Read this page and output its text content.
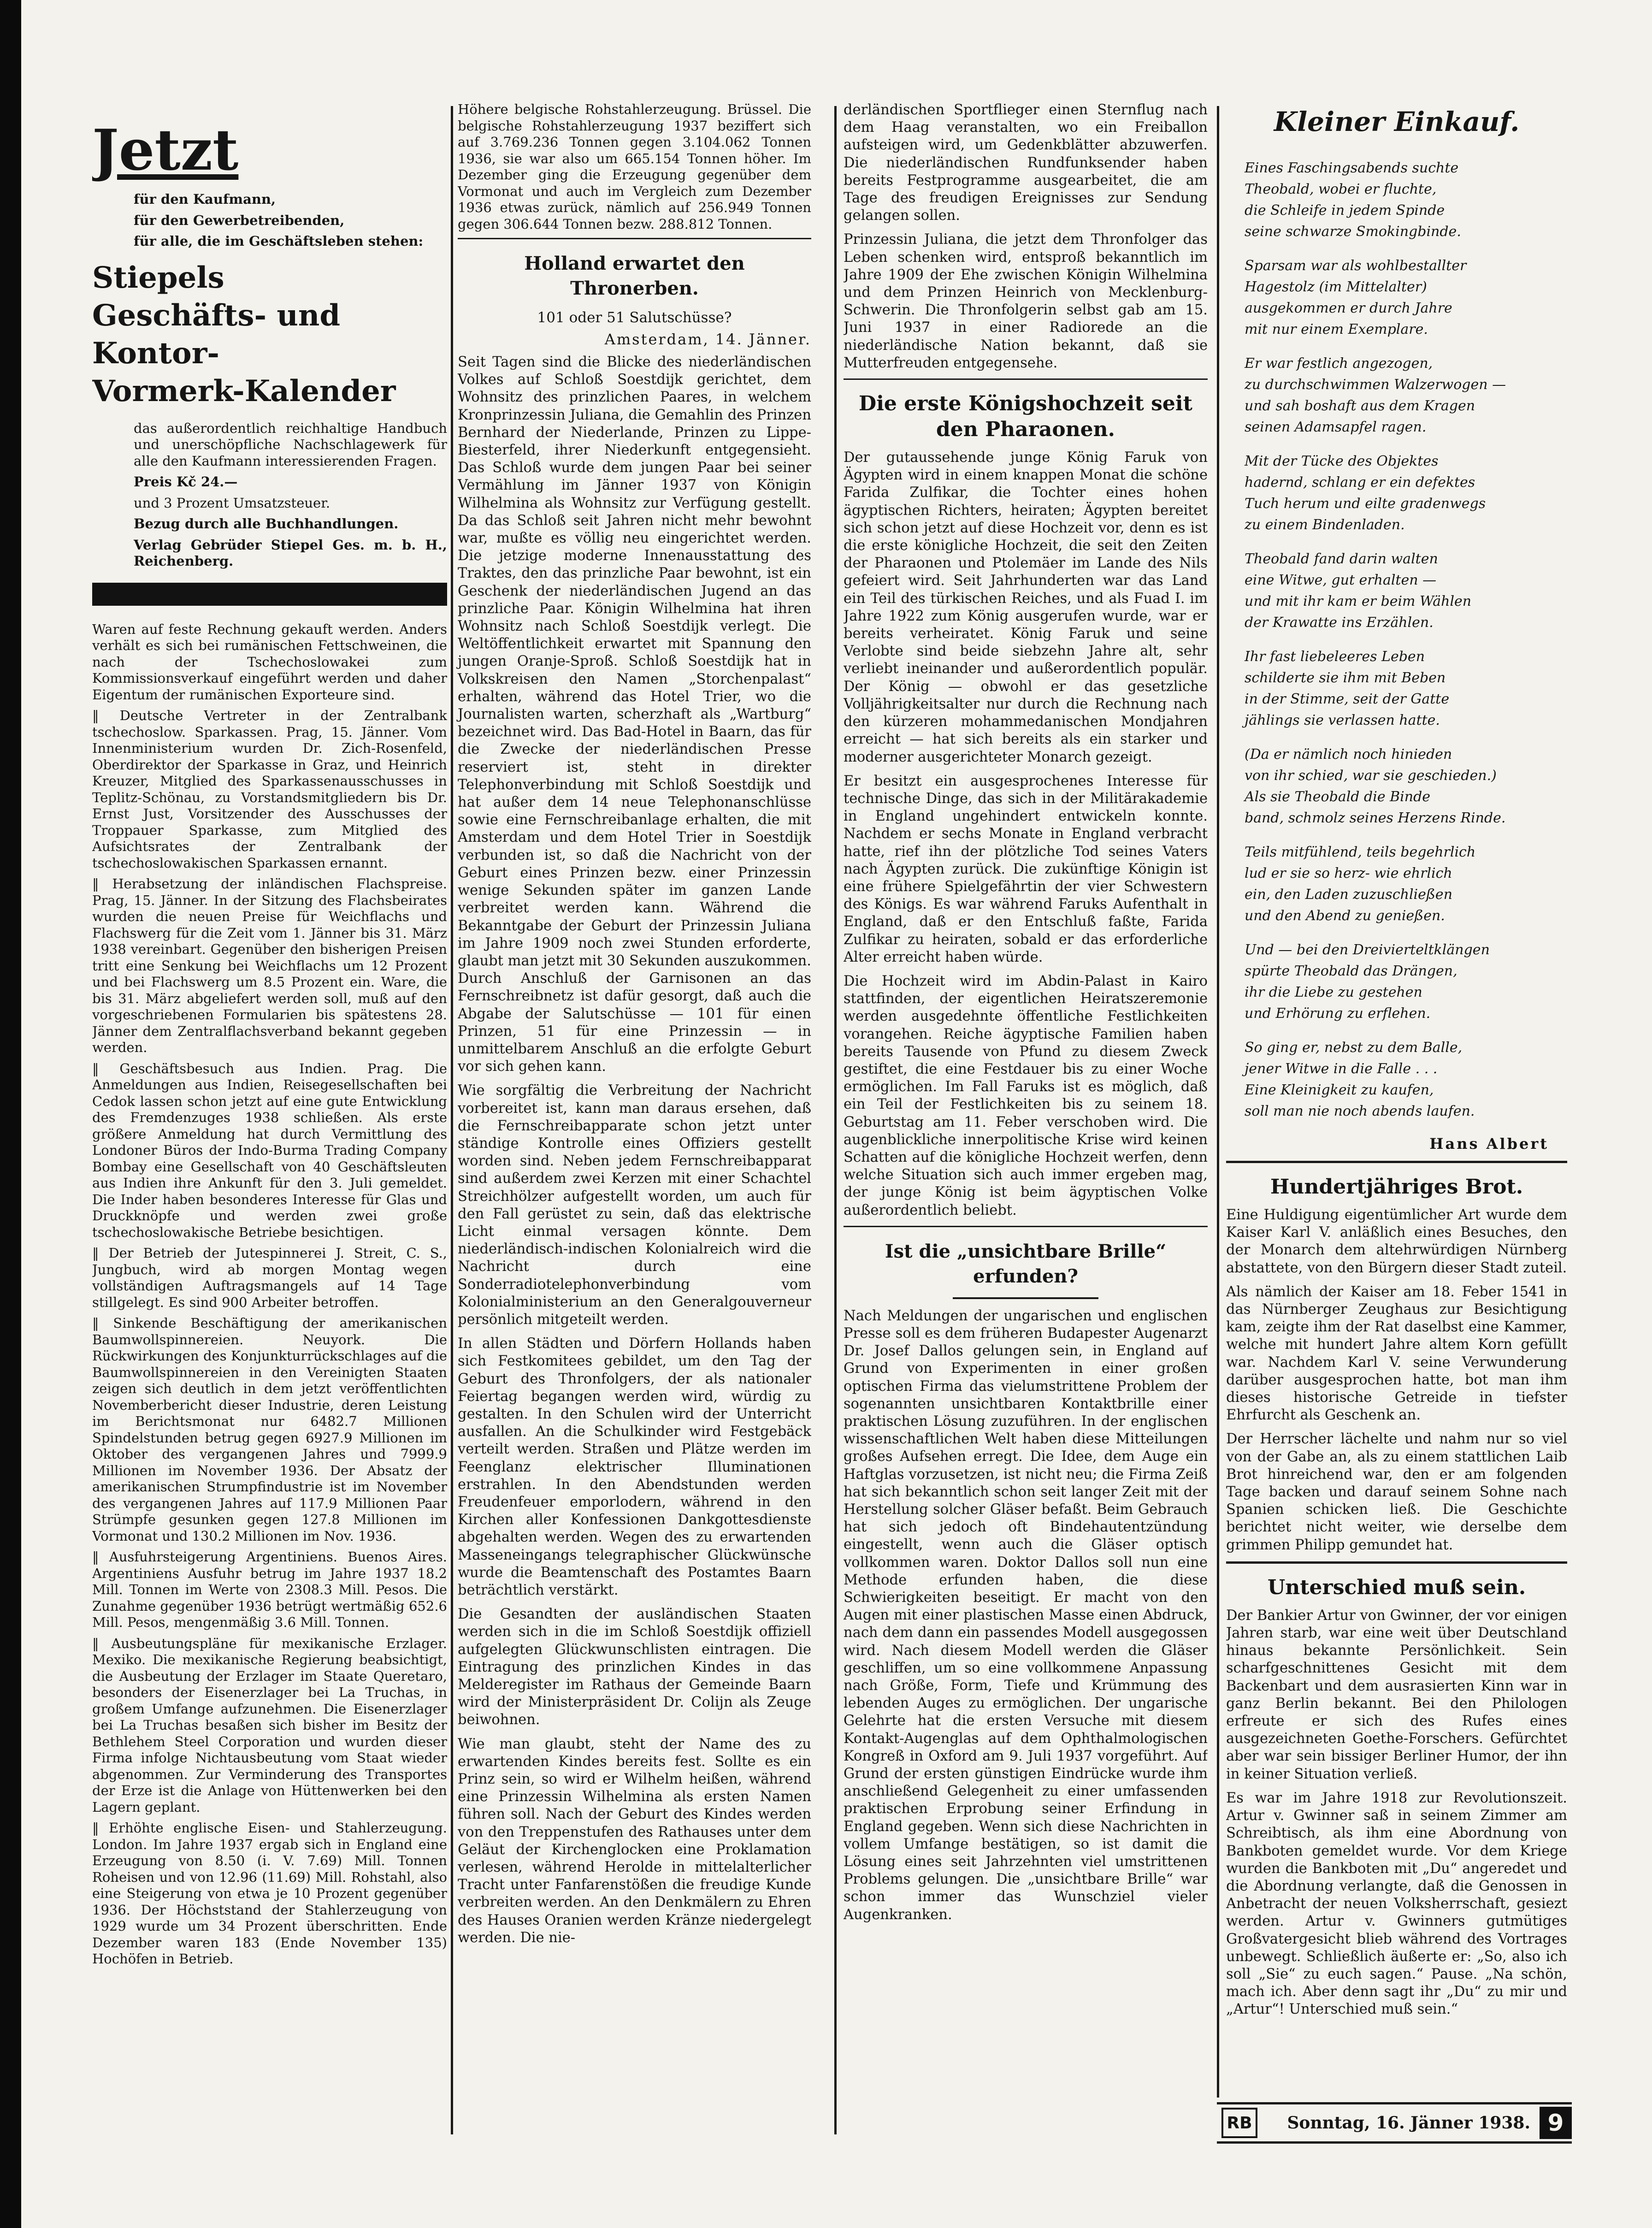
Jetzt

für den Kaufmann,

für den Gewerbetreibenden,

für alle, die im Geschäftsleben stehen:

Stiepels
Geschäfts- und Kontor-
Vormerk-Kalender

das außerordentlich reichhaltige Handbuch und unerschöpfliche Nachschlagewerk für alle den Kaufmann interessierenden Fragen.

Preis Kč 24.—

und 3 Prozent Umsatzsteuer.

Bezug durch alle Buchhandlungen.

Verlag Gebrüder Stiepel Ges. m. b. H., Reichenberg.

Waren auf feste Rechnung gekauft werden. Anders verhält es sich bei rumänischen Fettschweinen, die nach der Tschechoslowakei zum Kommissionsverkauf eingeführt werden und daher Eigentum der rumänischen Exporteure sind.

‖ Deutsche Vertreter in der Zentralbank tschechoslow. Sparkassen. Prag, 15. Jänner. Vom Innenministerium wurden Dr. Zich-Rosenfeld, Oberdirektor der Sparkasse in Graz, und Heinrich Kreuzer, Mitglied des Sparkassenausschusses in Teplitz-Schönau, zu Vorstandsmitgliedern bis Dr. Ernst Just, Vorsitzender des Ausschusses der Troppauer Sparkasse, zum Mitglied des Aufsichtsrates der Zentralbank der tschechoslowakischen Sparkassen ernannt.

‖ Herabsetzung der inländischen Flachspreise. Prag, 15. Jänner. In der Sitzung des Flachsbeirates wurden die neuen Preise für Weichflachs und Flachswerg für die Zeit vom 1. Jänner bis 31. März 1938 vereinbart. Gegenüber den bisherigen Preisen tritt eine Senkung bei Weichflachs um 12 Prozent und bei Flachswerg um 8.5 Prozent ein. Ware, die bis 31. März abgeliefert werden soll, muß auf den vorgeschriebenen Formularien bis spätestens 28. Jänner dem Zentralflachsverband bekannt gegeben werden.

‖ Geschäftsbesuch aus Indien. Prag. Die Anmeldungen aus Indien, Reisegesellschaften bei Cedok lassen schon jetzt auf eine gute Entwicklung des Fremdenzuges 1938 schließen. Als erste größere Anmeldung hat durch Vermittlung des Londoner Büros der Indo-Burma Trading Company Bombay eine Gesellschaft von 40 Geschäftsleuten aus Indien ihre Ankunft für den 3. Juli gemeldet. Die Inder haben besonderes Interesse für Glas und Druckknöpfe und werden zwei große tschechoslowakische Betriebe besichtigen.

‖ Der Betrieb der Jutespinnerei J. Streit, C. S., Jungbuch, wird ab morgen Montag wegen vollständigen Auftragsmangels auf 14 Tage stillgelegt. Es sind 900 Arbeiter betroffen.

‖ Sinkende Beschäftigung der amerikanischen Baumwollspinnereien. Neuyork. Die Rückwirkungen des Konjunkturrückschlages auf die Baumwollspinnereien in den Vereinigten Staaten zeigen sich deutlich in dem jetzt veröffentlichten Novemberbericht dieser Industrie, deren Leistung im Berichtsmonat nur 6482.7 Millionen Spindelstunden betrug gegen 6927.9 Millionen im Oktober des vergangenen Jahres und 7999.9 Millionen im November 1936. Der Absatz der amerikanischen Strumpfindustrie ist im November des vergangenen Jahres auf 117.9 Millionen Paar Strümpfe gesunken gegen 127.8 Millionen im Vormonat und 130.2 Millionen im Nov. 1936.

‖ Ausfuhrsteigerung Argentiniens. Buenos Aires. Argentiniens Ausfuhr betrug im Jahre 1937 18.2 Mill. Tonnen im Werte von 2308.3 Mill. Pesos. Die Zunahme gegenüber 1936 betrügt wertmäßig 652.6 Mill. Pesos, mengenmäßig 3.6 Mill. Tonnen.

‖ Ausbeutungspläne für mexikanische Erzlager. Mexiko. Die mexikanische Regierung beabsichtigt, die Ausbeutung der Erzlager im Staate Queretaro, besonders der Eisenerzlager bei La Truchas, in großem Umfange aufzunehmen. Die Eisenerzlager bei La Truchas besaßen sich bisher im Besitz der Bethlehem Steel Corporation und wurden dieser Firma infolge Nichtausbeutung vom Staat wieder abgenommen. Zur Verminderung des Transportes der Erze ist die Anlage von Hüttenwerken bei den Lagern geplant.

‖ Erhöhte englische Eisen- und Stahlerzeugung. London. Im Jahre 1937 ergab sich in England eine Erzeugung von 8.50 (i. V. 7.69) Mill. Tonnen Roheisen und von 12.96 (11.69) Mill. Rohstahl, also eine Steigerung von etwa je 10 Prozent gegenüber 1936. Der Höchststand der Stahlerzeugung von 1929 wurde um 34 Prozent überschritten. Ende Dezember waren 183 (Ende November 135) Hochöfen in Betrieb.

Höhere belgische Rohstahlerzeugung. Brüssel. Die belgische Rohstahlerzeugung 1937 beziffert sich auf 3.769.236 Tonnen gegen 3.104.062 Tonnen 1936, sie war also um 665.154 Tonnen höher. Im Dezember ging die Erzeugung gegenüber dem Vormonat und auch im Vergleich zum Dezember 1936 etwas zurück, nämlich auf 256.949 Tonnen gegen 306.644 Tonnen bezw. 288.812 Tonnen.

Holland erwartet den Thronerben.
101 oder 51 Salutschüsse?
Amsterdam, 14. Jänner.

Seit Tagen sind die Blicke des niederländischen Volkes auf Schloß Soestdijk gerichtet, dem Wohnsitz des prinzlichen Paares, in welchem Kronprinzessin Juliana, die Gemahlin des Prinzen Bernhard der Niederlande, Prinzen zu Lippe-Biesterfeld, ihrer Niederkunft entgegensieht. Das Schloß wurde dem jungen Paar bei seiner Vermählung im Jänner 1937 von Königin Wilhelmina als Wohnsitz zur Verfügung gestellt. Da das Schloß seit Jahren nicht mehr bewohnt war, mußte es völlig neu eingerichtet werden. Die jetzige moderne Innenausstattung des Traktes, den das prinzliche Paar bewohnt, ist ein Geschenk der niederländischen Jugend an das prinzliche Paar. Königin Wilhelmina hat ihren Wohnsitz nach Schloß Soestdijk verlegt. Die Weltöffentlichkeit erwartet mit Spannung den jungen Oranje-Sproß. Schloß Soestdijk hat in Volkskreisen den Namen „Storchenpalast“ erhalten, während das Hotel Trier, wo die Journalisten warten, scherzhaft als „Wartburg“ bezeichnet wird. Das Bad-Hotel in Baarn, das für die Zwecke der niederländischen Presse reserviert ist, steht in direkter Telephonverbindung mit Schloß Soestdijk und hat außer dem 14 neue Telephonanschlüsse sowie eine Fernschreibanlage erhalten, die mit Amsterdam und dem Hotel Trier in Soestdijk verbunden ist, so daß die Nachricht von der Geburt eines Prinzen bezw. einer Prinzessin wenige Sekunden später im ganzen Lande verbreitet werden kann. Während die Bekanntgabe der Geburt der Prinzessin Juliana im Jahre 1909 noch zwei Stunden erforderte, glaubt man jetzt mit 30 Sekunden auszukommen. Durch Anschluß der Garnisonen an das Fernschreibnetz ist dafür gesorgt, daß auch die Abgabe der Salutschüsse — 101 für einen Prinzen, 51 für eine Prinzessin — in unmittelbarem Anschluß an die erfolgte Geburt vor sich gehen kann.

Wie sorgfältig die Verbreitung der Nachricht vorbereitet ist, kann man daraus ersehen, daß die Fernschreibapparate schon jetzt unter ständige Kontrolle eines Offiziers gestellt worden sind. Neben jedem Fernschreibapparat sind außerdem zwei Kerzen mit einer Schachtel Streichhölzer aufgestellt worden, um auch für den Fall gerüstet zu sein, daß das elektrische Licht einmal versagen könnte. Dem niederländisch-indischen Kolonialreich wird die Nachricht durch eine Sonderradiotelephonverbindung vom Kolonialministerium an den Generalgouverneur persönlich mitgeteilt werden.

In allen Städten und Dörfern Hollands haben sich Festkomitees gebildet, um den Tag der Geburt des Thronfolgers, der als nationaler Feiertag begangen werden wird, würdig zu gestalten. In den Schulen wird der Unterricht ausfallen. An die Schulkinder wird Festgebäck verteilt werden. Straßen und Plätze werden im Feenglanz elektrischer Illuminationen erstrahlen. In den Abendstunden werden Freudenfeuer emporlodern, während in den Kirchen aller Konfessionen Dankgottesdienste abgehalten werden. Wegen des zu erwartenden Masseneingangs telegraphischer Glückwünsche wurde die Beamtenschaft des Postamtes Baarn beträchtlich verstärkt.

Die Gesandten der ausländischen Staaten werden sich in die im Schloß Soestdijk offiziell aufgelegten Glückwunschlisten eintragen. Die Eintragung des prinzlichen Kindes in das Melderegister im Rathaus der Gemeinde Baarn wird der Ministerpräsident Dr. Colijn als Zeuge beiwohnen.

Wie man glaubt, steht der Name des zu erwartenden Kindes bereits fest. Sollte es ein Prinz sein, so wird er Wilhelm heißen, während eine Prinzessin Wilhelmina als ersten Namen führen soll. Nach der Geburt des Kindes werden von den Treppenstufen des Rathauses unter dem Geläut der Kirchenglocken eine Proklamation verlesen, während Herolde in mittelalterlicher Tracht unter Fanfarenstößen die freudige Kunde verbreiten werden. An den Denkmälern zu Ehren des Hauses Oranien werden Kränze niedergelegt werden. Die nie-

derländischen Sportflieger einen Sternflug nach dem Haag veranstalten, wo ein Freiballon aufsteigen wird, um Gedenkblätter abzuwerfen. Die niederländischen Rundfunksender haben bereits Festprogramme ausgearbeitet, die am Tage des freudigen Ereignisses zur Sendung gelangen sollen.

Prinzessin Juliana, die jetzt dem Thronfolger das Leben schenken wird, entsproß bekanntlich im Jahre 1909 der Ehe zwischen Königin Wilhelmina und dem Prinzen Heinrich von Mecklenburg-Schwerin. Die Thronfolgerin selbst gab am 15. Juni 1937 in einer Radiorede an die niederländische Nation bekannt, daß sie Mutterfreuden entgegensehe.

Die erste Königshochzeit seit den Pharaonen.

Der gutaussehende junge König Faruk von Ägypten wird in einem knappen Monat die schöne Farida Zulfikar, die Tochter eines hohen ägyptischen Richters, heiraten; Ägypten bereitet sich schon jetzt auf diese Hochzeit vor, denn es ist die erste königliche Hochzeit, die seit den Zeiten der Pharaonen und Ptolemäer im Lande des Nils gefeiert wird. Seit Jahrhunderten war das Land ein Teil des türkischen Reiches, und als Fuad I. im Jahre 1922 zum König ausgerufen wurde, war er bereits verheiratet. König Faruk und seine Verlobte sind beide siebzehn Jahre alt, sehr verliebt ineinander und außerordentlich populär. Der König — obwohl er das gesetzliche Volljährigkeitsalter nur durch die Rechnung nach den kürzeren mohammedanischen Mondjahren erreicht — hat sich bereits als ein starker und moderner ausgerichteter Monarch gezeigt.

Er besitzt ein ausgesprochenes Interesse für technische Dinge, das sich in der Militärakademie in England ungehindert entwickeln konnte. Nachdem er sechs Monate in England verbracht hatte, rief ihn der plötzliche Tod seines Vaters nach Ägypten zurück. Die zukünftige Königin ist eine frühere Spielgefährtin der vier Schwestern des Königs. Es war während Faruks Aufenthalt in England, daß er den Entschluß faßte, Farida Zulfikar zu heiraten, sobald er das erforderliche Alter erreicht haben würde.

Die Hochzeit wird im Abdin-Palast in Kairo stattfinden, der eigentlichen Heiratszeremonie werden ausgedehnte öffentliche Festlichkeiten vorangehen. Reiche ägyptische Familien haben bereits Tausende von Pfund zu diesem Zweck gestiftet, die eine Festdauer bis zu einer Woche ermöglichen. Im Fall Faruks ist es möglich, daß ein Teil der Festlichkeiten bis zu seinem 18. Geburtstag am 11. Feber verschoben wird. Die augenblickliche innerpolitische Krise wird keinen Schatten auf die königliche Hochzeit werfen, denn welche Situation sich auch immer ergeben mag, der junge König ist beim ägyptischen Volke außerordentlich beliebt.

Ist die „unsichtbare Brille“ erfunden?

Nach Meldungen der ungarischen und englischen Presse soll es dem früheren Budapester Augenarzt Dr. Josef Dallos gelungen sein, in England auf Grund von Experimenten in einer großen optischen Firma das vielumstrittene Problem der sogenannten unsichtbaren Kontaktbrille einer praktischen Lösung zuzuführen. In der englischen wissenschaftlichen Welt haben diese Mitteilungen großes Aufsehen erregt. Die Idee, dem Auge ein Haftglas vorzusetzen, ist nicht neu; die Firma Zeiß hat sich bekanntlich schon seit langer Zeit mit der Herstellung solcher Gläser befaßt. Beim Gebrauch hat sich jedoch oft Bindehautentzündung eingestellt, wenn auch die Gläser optisch vollkommen waren. Doktor Dallos soll nun eine Methode erfunden haben, die diese Schwierigkeiten beseitigt. Er macht von den Augen mit einer plastischen Masse einen Abdruck, nach dem dann ein passendes Modell ausgegossen wird. Nach diesem Modell werden die Gläser geschliffen, um so eine vollkommene Anpassung nach Größe, Form, Tiefe und Krümmung des lebenden Auges zu ermöglichen. Der ungarische Gelehrte hat die ersten Versuche mit diesem Kontakt-Augenglas auf dem Ophthalmologischen Kongreß in Oxford am 9. Juli 1937 vorgeführt. Auf Grund der ersten günstigen Eindrücke wurde ihm anschließend Gelegenheit zu einer umfassenden praktischen Erprobung seiner Erfindung in England gegeben. Wenn sich diese Nachrichten in vollem Umfange bestätigen, so ist damit die Lösung eines seit Jahrzehnten viel umstrittenen Problems gelungen. Die „unsichtbare Brille“ war schon immer das Wunschziel vieler Augenkranken.

Kleiner Einkauf.
Eines Faschingsabends suchte
Theobald, wobei er fluchte,
die Schleife in jedem Spinde
seine schwarze Smokingbinde.
Sparsam war als wohlbestallter
Hagestolz (im Mittelalter)
ausgekommen er durch Jahre
mit nur einem Exemplare.
Er war festlich angezogen,
zu durchschwimmen Walzerwogen —
und sah boshaft aus dem Kragen
seinen Adamsapfel ragen.
Mit der Tücke des Objektes
hadernd, schlang er ein defektes
Tuch herum und eilte gradenwegs
zu einem Bindenladen.
Theobald fand darin walten
eine Witwe, gut erhalten —
und mit ihr kam er beim Wählen
der Krawatte ins Erzählen.
Ihr fast liebeleeres Leben
schilderte sie ihm mit Beben
in der Stimme, seit der Gatte
jählings sie verlassen hatte.
(Da er nämlich noch hinieden
von ihr schied, war sie geschieden.)
Als sie Theobald die Binde
band, schmolz seines Herzens Rinde.
Teils mitfühlend, teils begehrlich
lud er sie so herz- wie ehrlich
ein, den Laden zuzuschließen
und den Abend zu genießen.
Und — bei den Dreivierteltklängen
spürte Theobald das Drängen,
ihr die Liebe zu gestehen
und Erhörung zu erflehen.
So ging er, nebst zu dem Balle,
jener Witwe in die Falle . . .
Eine Kleinigkeit zu kaufen,
soll man nie noch abends laufen.
Hans Albert
Hundertjähriges Brot.

Eine Huldigung eigentümlicher Art wurde dem Kaiser Karl V. anläßlich eines Besuches, den der Monarch dem altehrwürdigen Nürnberg abstattete, von den Bürgern dieser Stadt zuteil.

Als nämlich der Kaiser am 18. Feber 1541 in das Nürnberger Zeughaus zur Besichtigung kam, zeigte ihm der Rat daselbst eine Kammer, welche mit hundert Jahre altem Korn gefüllt war. Nachdem Karl V. seine Verwunderung darüber ausgesprochen hatte, bot man ihm dieses historische Getreide in tiefster Ehrfurcht als Geschenk an.

Der Herrscher lächelte und nahm nur so viel von der Gabe an, als zu einem stattlichen Laib Brot hinreichend war, den er am folgenden Tage backen und darauf seinem Sohne nach Spanien schicken ließ. Die Geschichte berichtet nicht weiter, wie derselbe dem grimmen Philipp gemundet hat.

Unterschied muß sein.

Der Bankier Artur von Gwinner, der vor einigen Jahren starb, war eine weit über Deutschland hinaus bekannte Persönlichkeit. Sein scharfgeschnittenes Gesicht mit dem Backenbart und dem ausrasierten Kinn war in ganz Berlin bekannt. Bei den Philologen erfreute er sich des Rufes eines ausgezeichneten Goethe-Forschers. Gefürchtet aber war sein bissiger Berliner Humor, der ihn in keiner Situation verließ.

Es war im Jahre 1918 zur Revolutionszeit. Artur v. Gwinner saß in seinem Zimmer am Schreibtisch, als ihm eine Abordnung von Bankboten gemeldet wurde. Vor dem Kriege wurden die Bankboten mit „Du“ angeredet und die Abordnung verlangte, daß die Genossen in Anbetracht der neuen Volksherrschaft, gesiezt werden. Artur v. Gwinners gutmütiges Großvatergesicht blieb während des Vortrages unbewegt. Schließlich äußerte er: „So, also ich soll „Sie“ zu euch sagen.“ Pause. „Na schön, mach ich. Aber denn sagt ihr „Du“ zu mir und „Artur“! Unterschied muß sein.“

RB	Sonntag, 16. Jänner 1938. 9
